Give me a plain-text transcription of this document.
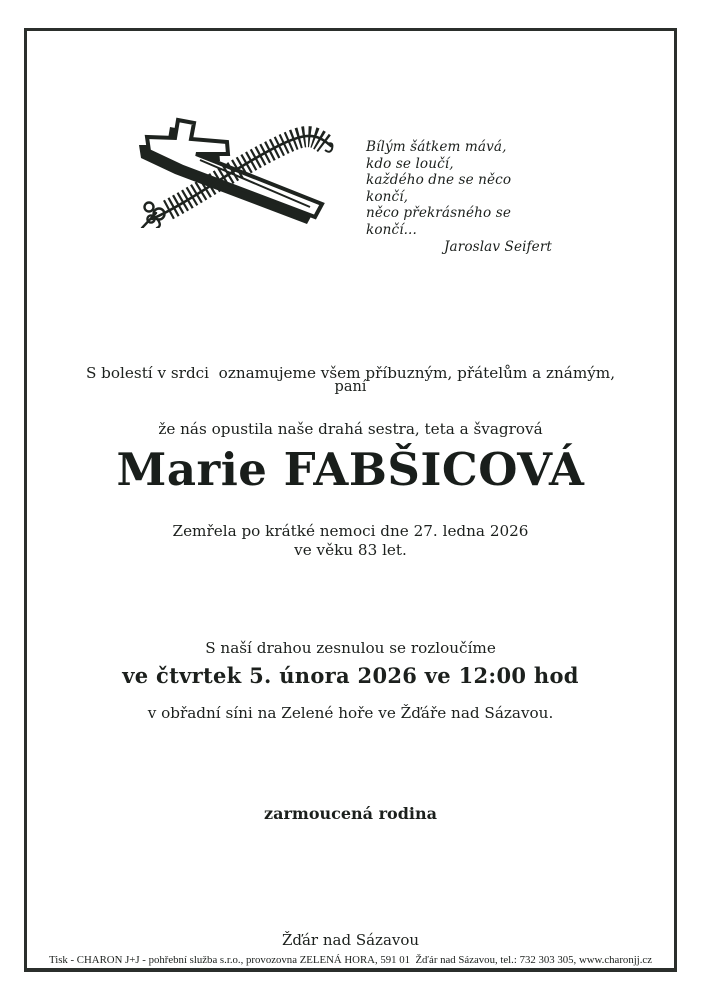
Bílým šátkem mává,
kdo se loučí,
každého dne se něco končí,
něco překrásného se končí...
Jaroslav Seifert

S bolestí v srdci  oznamujeme všem příbuzným, přátelům a známým,

že nás opustila naše drahá sestra, teta a švagrová

paní
Marie FABŠICOVÁ
Zemřela po krátké nemoci dne 27. ledna 2026
ve věku 83 let.
S naší drahou zesnulou se rozloučíme
ve čtvrtek 5. února 2026 ve 12:00 hod
v obřadní síni na Zelené hoře ve Žďáře nad Sázavou.
zarmoucená rodina
Žďár nad Sázavou
Tisk - CHARON J+J - pohřební služba s.r.o., provozovna ZELENÁ HORA, 591 01  Žďár nad Sázavou, tel.: 732 303 305, www.charonjj.cz
